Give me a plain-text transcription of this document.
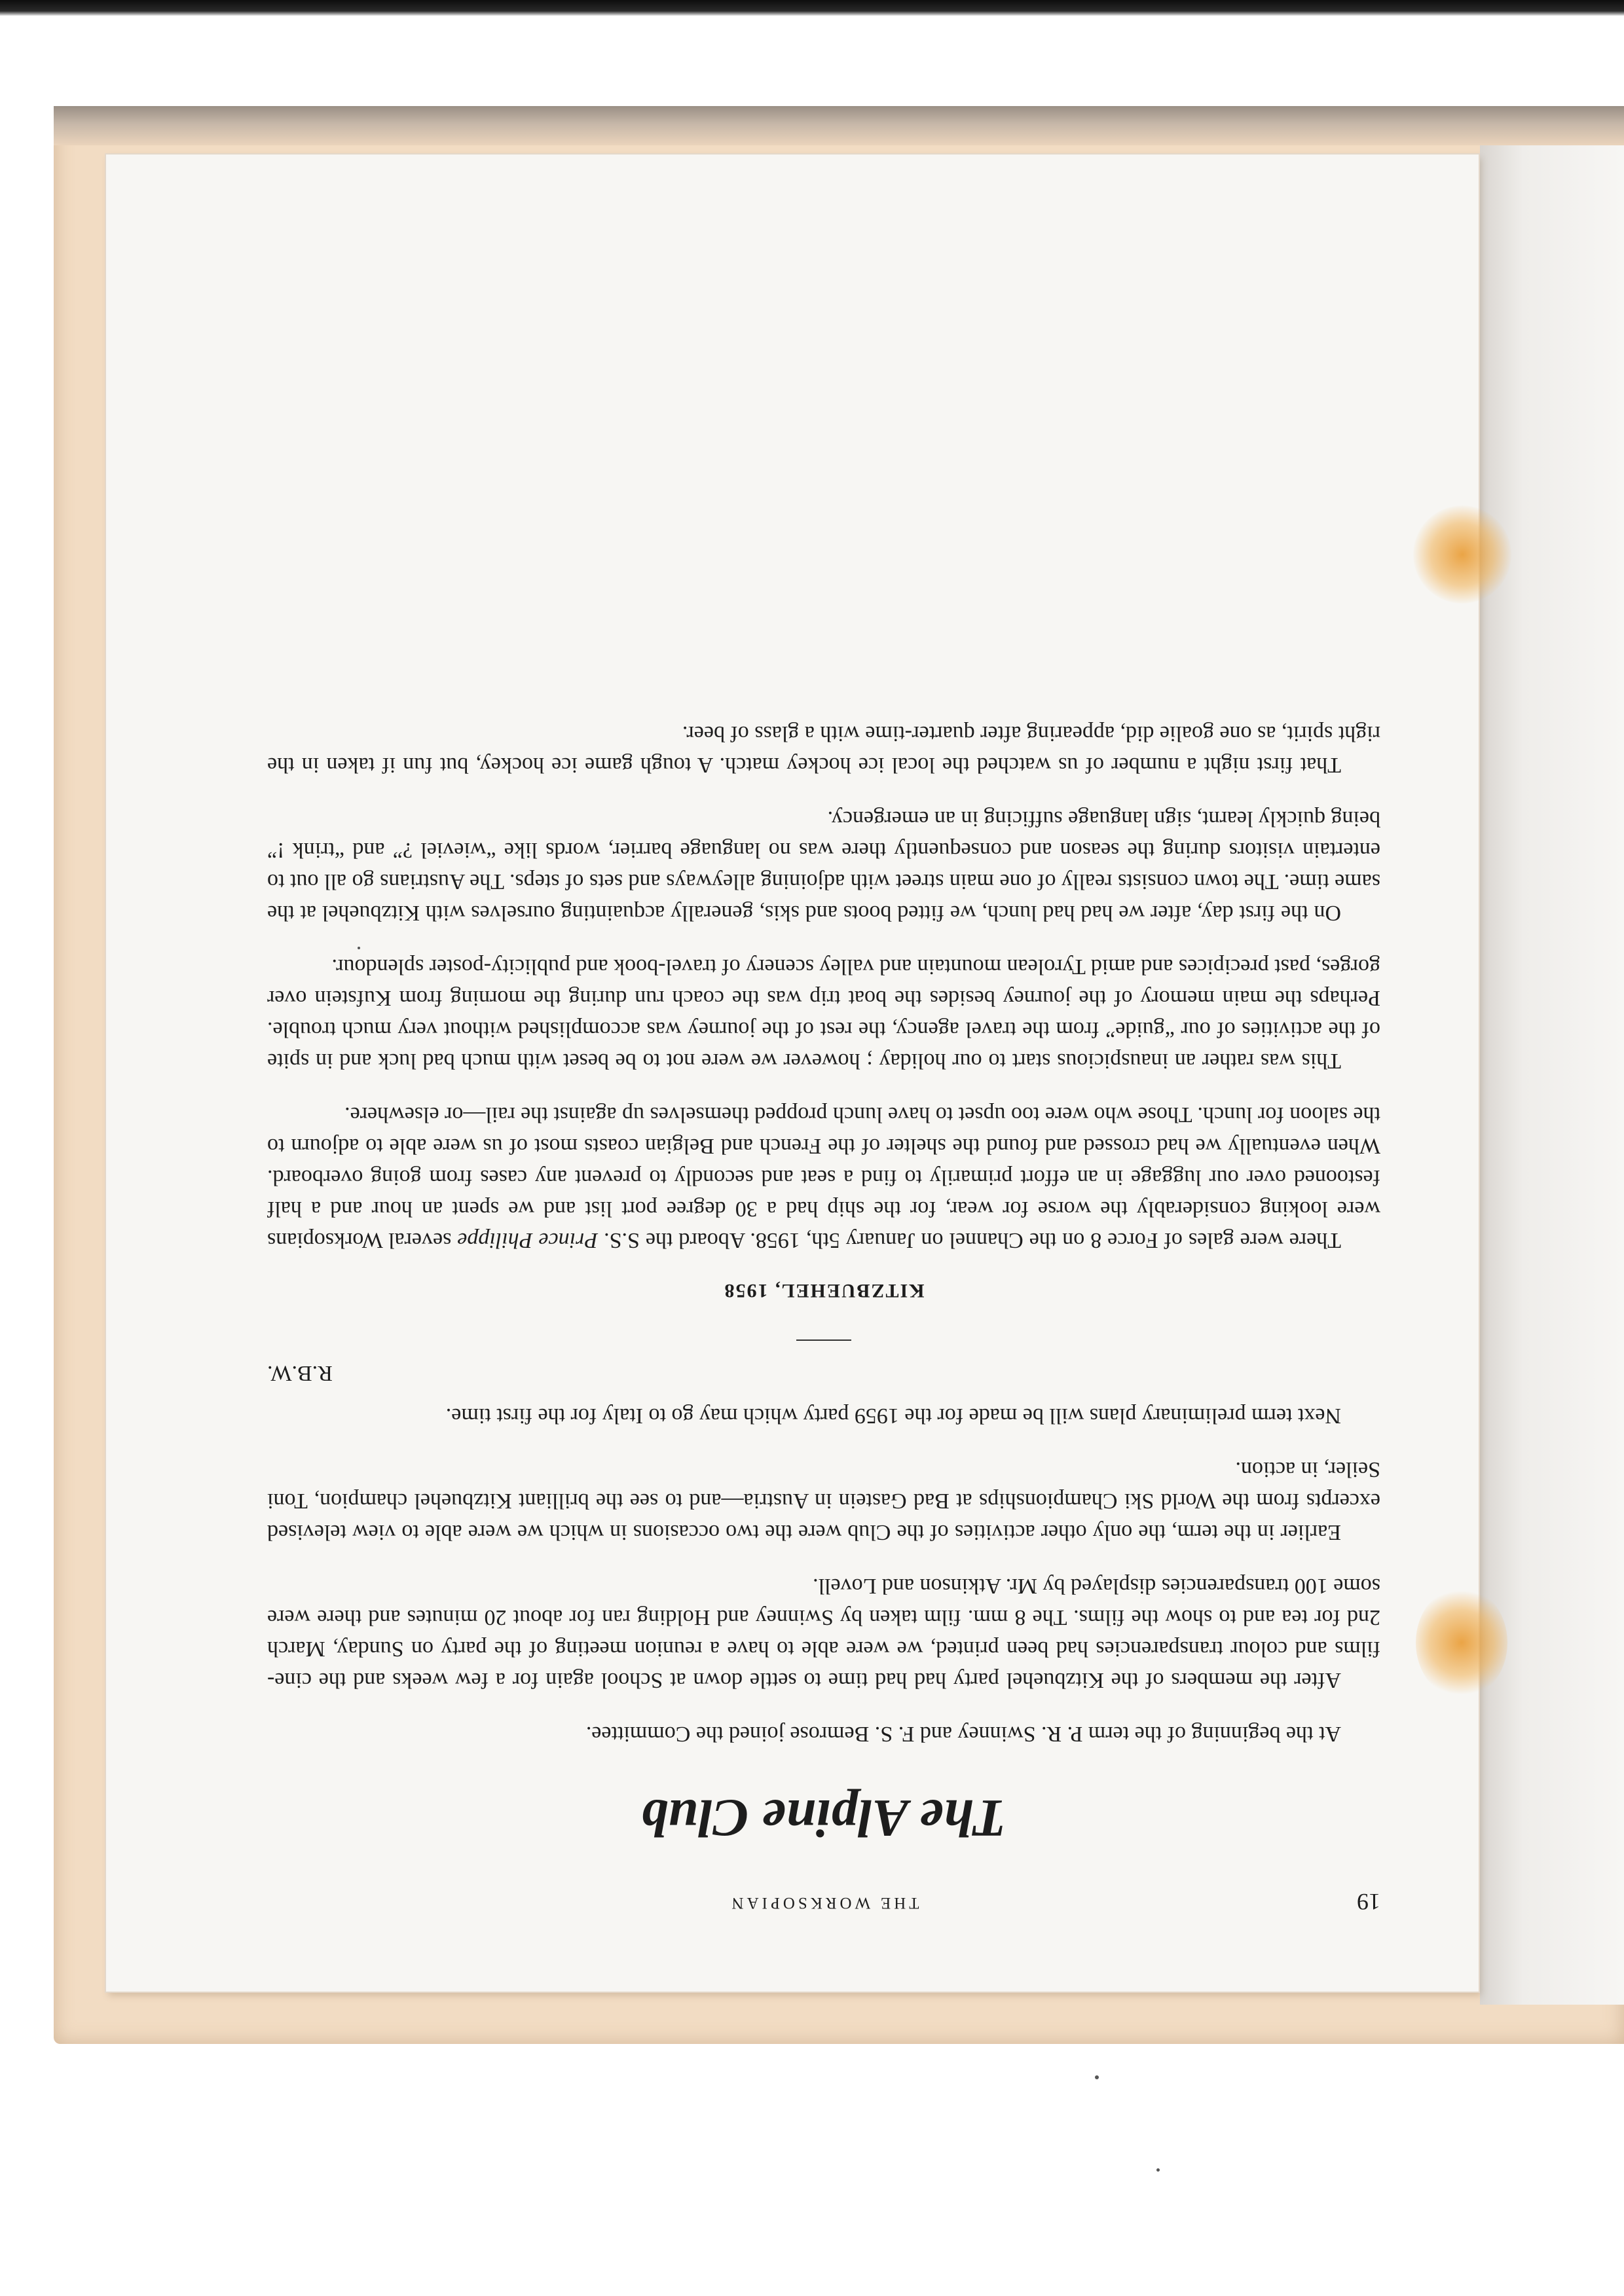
19
THE WORKSOPIAN
The Alpine Club

At the beginning of the term P. R. Swinney and F. S. Bemrose joined the Committee.

After the members of the Kitzbuehel party had had time to settle down at School again for a few weeks and the cine-films and colour transparencies had been printed, we were able to have a reunion meeting of the party on Sunday, March 2nd for tea and to show the films. The 8 mm. film taken by Swinney and Holding ran for about 20 minutes and there were some 100 transparencies displayed by Mr. Atkinson and Lovell.

Earlier in the term, the only other activities of the Club were the two occasions in which we were able to view televised excerpts from the World Ski Championships at Bad Gastein in Austria—and to see the brilliant Kitzbuehel champion, Toni Seiler, in action.

Next term preliminary plans will be made for the 1959 party which may go to Italy for the first time.

R.B.W.
KITZBUEHEL, 1958

There were gales of Force 8 on the Channel on January 5th, 1958. Aboard the S.S. Prince Philippe several Worksopians were looking considerably the worse for wear, for the ship had a 30 degree port list and we spent an hour and a half festooned over our luggage in an effort primarily to find a seat and secondly to prevent any cases from going overboard. When eventually we had crossed and found the shelter of the French and Belgian coasts most of us were able to adjourn to the saloon for lunch. Those who were too upset to have lunch propped themselves up against the rail—or elsewhere.

This was rather an inauspicious start to our holiday ; however we were not to be beset with much bad luck and in spite of the activities of our “guide” from the travel agency, the rest of the journey was accomplished without very much trouble. Perhaps the main memory of the journey besides the boat trip was the coach run during the morning from Kufstein over gorges, past precipices and amid Tyrolean mountain and valley scenery of travel-book and publicity-poster splendour.

On the first day, after we had had lunch, we fitted boots and skis, generally acquainting ourselves with Kitzbuehel at the same time. The town consists really of one main street with adjoining alleyways and sets of steps. The Austrians go all out to entertain visitors during the season and consequently there was no language barrier, words like “wieviel ?” and “trink !” being quickly learnt, sign language sufficing in an emergency.

That first night a number of us watched the local ice hockey match. A tough game ice hockey, but fun if taken in the right spirit, as one goalie did, appearing after quarter-time with a glass of beer.
